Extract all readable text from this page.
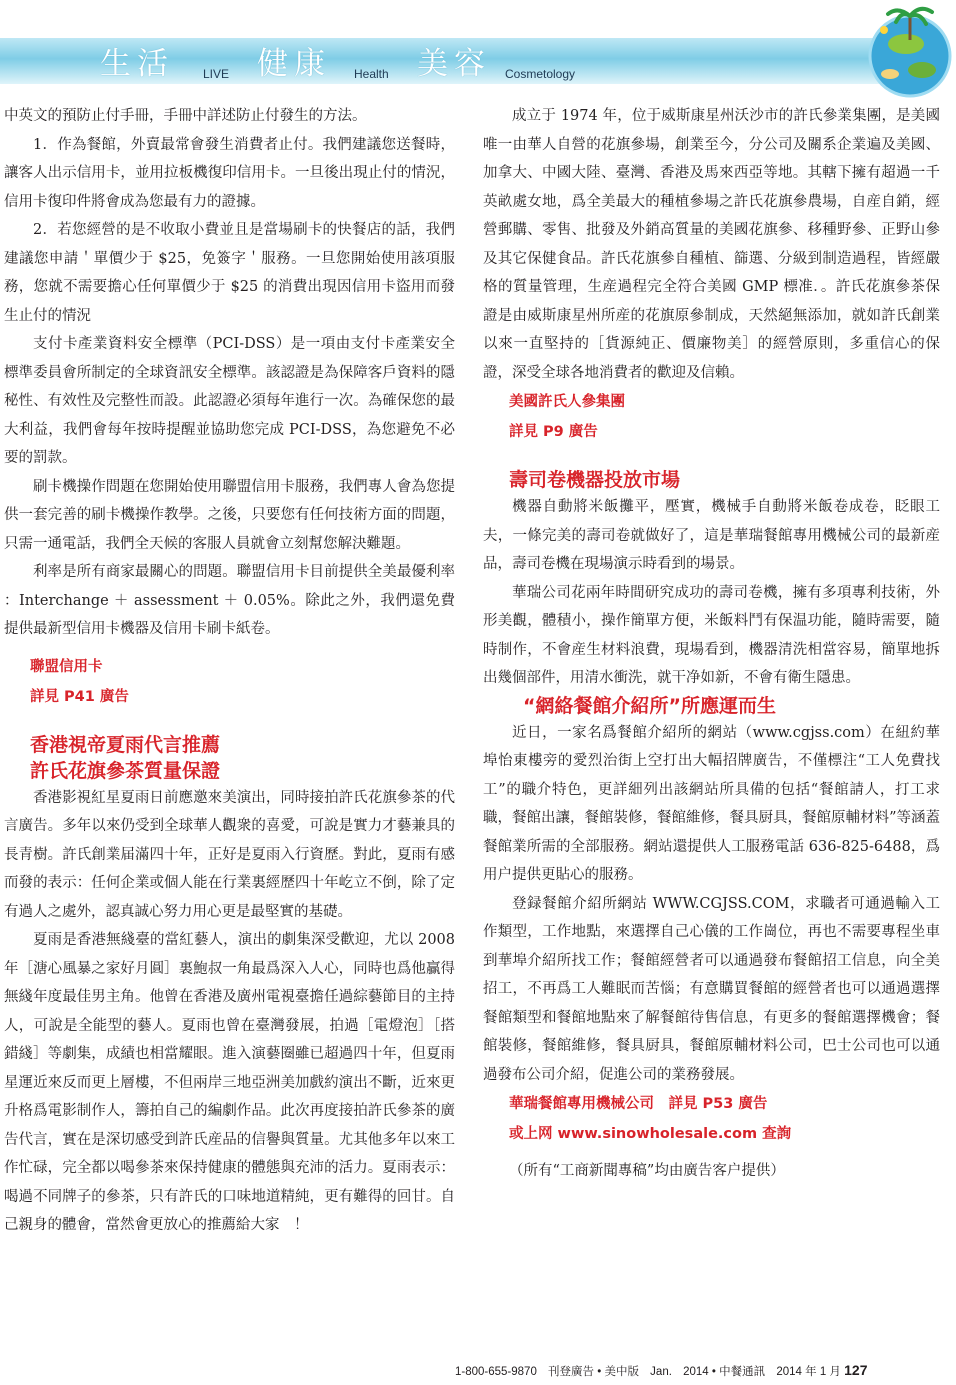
生活 LIVE 健康 Health 美容 Cosmetology

中英文的預防止付手冊，手冊中詳述防止付發生的方法。

1．作為餐館，外賣最常會發生消費者止付。我們建議您送餐時，讓客人出示信用卡，並用拉板機復印信用卡。一旦後出現止付的情況，信用卡復印件將會成為您最有力的證據。

2．若您經營的是不收取小費並且是當場刷卡的快餐店的話，我們建議您申請＇單價少于 $25，免簽字＇服務。一旦您開始使用該項服務，您就不需要擔心任何單價少于 $25 的消費出現因信用卡盜用而發生止付的情況

支付卡產業資料安全標準（PCI-DSS）是一項由支付卡產業安全標準委員會所制定的全球資訊安全標準。該認證是為保障客戶資料的隱秘性、有效性及完整性而設。此認證必須每年進行一次。為確保您的最大利益，我們會每年按時提醒並協助您完成 PCI-DSS，為您避免不必要的罰款。

刷卡機操作問題在您開始使用聯盟信用卡服務，我們專人會為您提供一套完善的刷卡機操作教學。之後，只要您有任何技術方面的問題，只需一通電話，我們全天候的客服人員就會立刻幫您解決難題。

利率是所有商家最關心的問題。聯盟信用卡目前提供全美最優利率 ：Interchange ＋ assessment ＋ 0.05%。除此之外，我們還免費提供最新型信用卡機器及信用卡刷卡紙卷。

聯盟信用卡

詳見 P41 廣告

香港視帝夏雨代言推薦

許氏花旗參茶質量保證

香港影視紅星夏雨日前應邀來美演出，同時接拍許氏花旗參茶的代言廣告。多年以來仍受到全球華人觀衆的喜愛，可說是實力才藝兼具的長青樹。許氏創業届滿四十年，正好是夏雨入行資歷。對此，夏雨有感而發的表示：任何企業或個人能在行業裏經歷四十年屹立不倒，除了定有過人之處外，認真誠心努力用心更是最堅實的基礎。

夏雨是香港無綫臺的當紅藝人，演出的劇集深受歡迎，尤以 2008 年［溏心風暴之家好月圓］裏鮑叔一角最爲深入人心，同時也爲他贏得無綫年度最佳男主角。他曾在香港及廣州電視臺擔任過綜藝節目的主持人，可說是全能型的藝人。夏雨也曾在臺灣發展，拍過［電燈泡］［搭錯綫］等劇集，成績也相當耀眼。進入演藝圈雖已超過四十年，但夏雨星運近來反而更上層樓，不但兩岸三地亞洲美加戲約演出不斷，近來更升格爲電影制作人，籌拍自己的編劇作品。此次再度接拍許氏參茶的廣告代言，實在是深切感受到許氏産品的信譽與質量。尤其他多年以來工作忙碌，完全都以喝參茶來保持健康的體態與充沛的活力。夏雨表示：喝過不同牌子的參茶，只有許氏的口味地道精純，更有難得的回甘。自己親身的體會，當然會更放心的推薦給大家　！

成立于 1974 年，位于威斯康星州沃沙市的許氏參業集團，是美國唯一由華人自營的花旗參場，創業至今，分公司及關系企業遍及美國、加拿大、中國大陸、臺灣、香港及馬來西亞等地。其轄下擁有超過一千英畝處女地，爲全美最大的種植參場之許氏花旗參農場，自産自銷，經營郵購、零售、批發及外銷高質量的美國花旗參、移種野參、正野山參及其它保健食品。許氏花旗參自種植、篩選、分級到制造過程，皆經嚴格的質量管理，生産過程完全符合美國 GMP 標准．。許氏花旗參茶保證是由威斯康星州所産的花旗原參制成，天然絕無添加，就如許氏創業以來一直堅持的［貨源純正、價廉物美］的經營原則，多重信心的保證，深受全球各地消費者的歡迎及信賴。

美國許氏人參集團

詳見 P9 廣告

壽司卷機器投放市場

機器自動將米飯攤平，壓實，機械手自動將米飯卷成卷，眨眼工夫，一條完美的壽司卷就做好了，這是華瑞餐館專用機械公司的最新産品，壽司卷機在現場演示時看到的場景。

華瑞公司花兩年時間研究成功的壽司卷機，擁有多項專利技術，外形美觀，體積小，操作簡單方便，米飯料鬥有保温功能，隨時需要，隨時制作，不會産生材料浪費，現場看到，機器清洗相當容易，簡單地拆出幾個部件，用清水衝洗，就干净如新，不會有衛生隱患。

“網絡餐館介紹所”所應運而生

近日，一家名爲餐館介紹所的網站（www.cgjss.com）在紐約華埠怡東樓旁的愛烈治街上空打出大幅招牌廣告，不僅標注“工人免費找工”的職介特色，更詳細列出該網站所具備的包括“餐館請人，打工求職，餐館出讓，餐館裝修，餐館維修，餐具厨具，餐館原輔材料”等涵蓋餐館業所需的全部服務。網站還提供人工服務電話 636-825-6488，爲用户提供更貼心的服務。

登録餐館介紹所網站 WWW.CGJSS.COM，求職者可通過輸入工作類型，工作地點，來選擇自己心儀的工作崗位，再也不需要專程坐車到華埠介紹所找工作；餐館經營者可以通過發布餐館招工信息，向全美招工，不再爲工人難眠而苦惱；有意購買餐館的經營者也可以通過選擇餐館類型和餐館地點來了解餐館待售信息，有更多的餐館選擇機會；餐館裝修，餐館維修，餐具厨具，餐館原輔材料公司，巴士公司也可以通過發布公司介紹，促進公司的業務發展。

華瑞餐館專用機械公司　詳見 P53 廣告

或上网 www.sinowholesale.com 查詢

（所有“工商新聞專稿”均由廣告客户提供）

1-800-655-9870 刊登廣告 • 美中版 Jan. 2014 • 中餐通訊 2014 年 1 月 127
